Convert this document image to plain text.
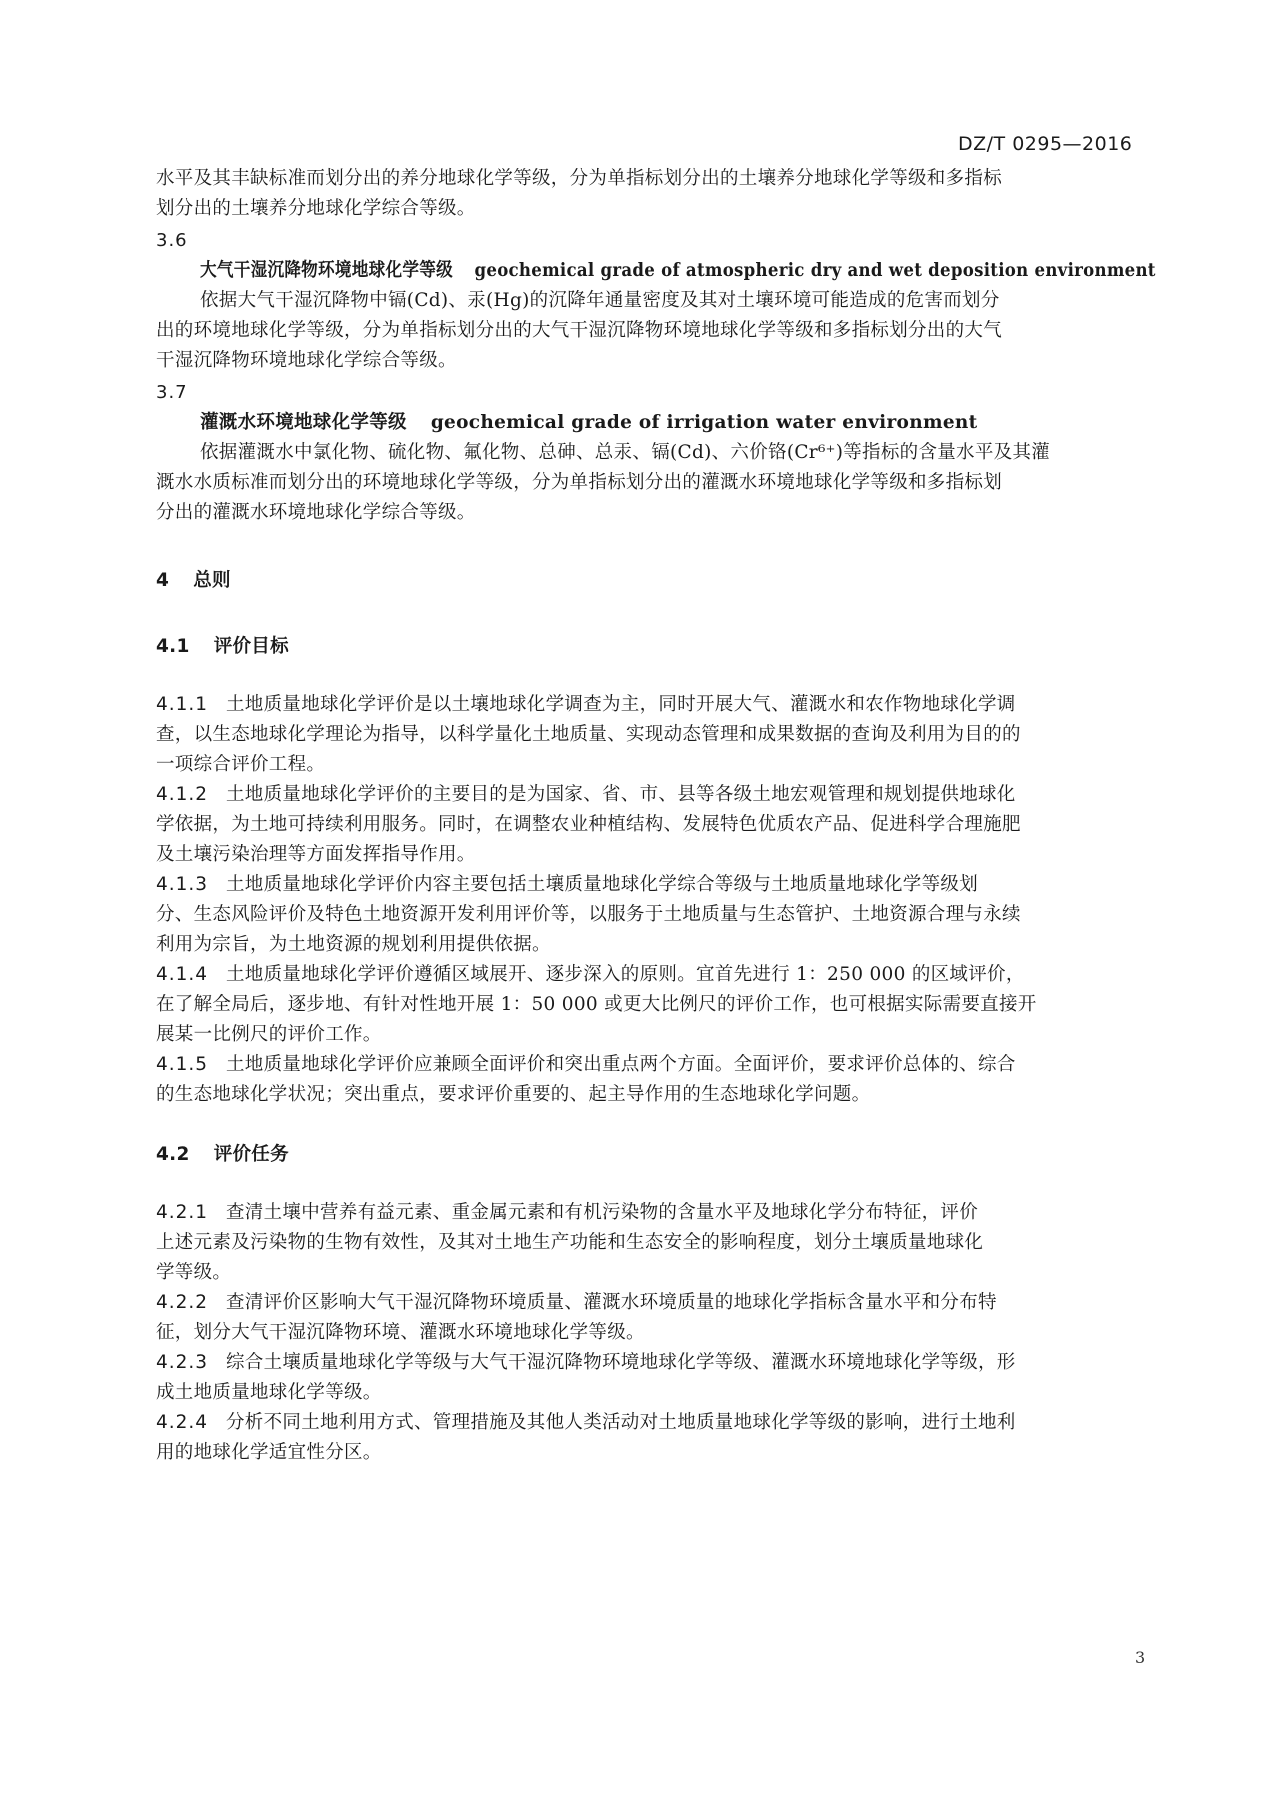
DZ/T 0295—2016
水平及其丰缺标准而划分出的养分地球化学等级，分为单指标划分出的土壤养分地球化学等级和多指标
划分出的土壤养分地球化学综合等级。
3.6
大气干湿沉降物环境地球化学等级 geochemical grade of atmospheric dry and wet deposition environment
依据大气干湿沉降物中镉(Cd)、汞(Hg)的沉降年通量密度及其对土壤环境可能造成的危害而划分
出的环境地球化学等级，分为单指标划分出的大气干湿沉降物环境地球化学等级和多指标划分出的大气
干湿沉降物环境地球化学综合等级。
3.7
灌溉水环境地球化学等级 geochemical grade of irrigation water environment
依据灌溉水中氯化物、硫化物、氟化物、总砷、总汞、镉(Cd)、六价铬(Cr⁶⁺)等指标的含量水平及其灌
溉水水质标准而划分出的环境地球化学等级，分为单指标划分出的灌溉水环境地球化学等级和多指标划
分出的灌溉水环境地球化学综合等级。
4 总则
4.1 评价目标
4.1.1 土地质量地球化学评价是以土壤地球化学调查为主，同时开展大气、灌溉水和农作物地球化学调
查，以生态地球化学理论为指导，以科学量化土地质量、实现动态管理和成果数据的查询及利用为目的的
一项综合评价工程。
4.1.2 土地质量地球化学评价的主要目的是为国家、省、市、县等各级土地宏观管理和规划提供地球化
学依据，为土地可持续利用服务。同时，在调整农业种植结构、发展特色优质农产品、促进科学合理施肥
及土壤污染治理等方面发挥指导作用。
4.1.3 土地质量地球化学评价内容主要包括土壤质量地球化学综合等级与土地质量地球化学等级划
分、生态风险评价及特色土地资源开发利用评价等，以服务于土地质量与生态管护、土地资源合理与永续
利用为宗旨，为土地资源的规划利用提供依据。
4.1.4 土地质量地球化学评价遵循区域展开、逐步深入的原则。宜首先进行 1：250 000 的区域评价，
在了解全局后，逐步地、有针对性地开展 1：50 000 或更大比例尺的评价工作，也可根据实际需要直接开
展某一比例尺的评价工作。
4.1.5 土地质量地球化学评价应兼顾全面评价和突出重点两个方面。全面评价，要求评价总体的、综合
的生态地球化学状况；突出重点，要求评价重要的、起主导作用的生态地球化学问题。
4.2 评价任务
4.2.1 查清土壤中营养有益元素、重金属元素和有机污染物的含量水平及地球化学分布特征，评价
上述元素及污染物的生物有效性，及其对土地生产功能和生态安全的影响程度，划分土壤质量地球化
学等级。
4.2.2 查清评价区影响大气干湿沉降物环境质量、灌溉水环境质量的地球化学指标含量水平和分布特
征，划分大气干湿沉降物环境、灌溉水环境地球化学等级。
4.2.3 综合土壤质量地球化学等级与大气干湿沉降物环境地球化学等级、灌溉水环境地球化学等级，形
成土地质量地球化学等级。
4.2.4 分析不同土地利用方式、管理措施及其他人类活动对土地质量地球化学等级的影响，进行土地利
用的地球化学适宜性分区。
3
